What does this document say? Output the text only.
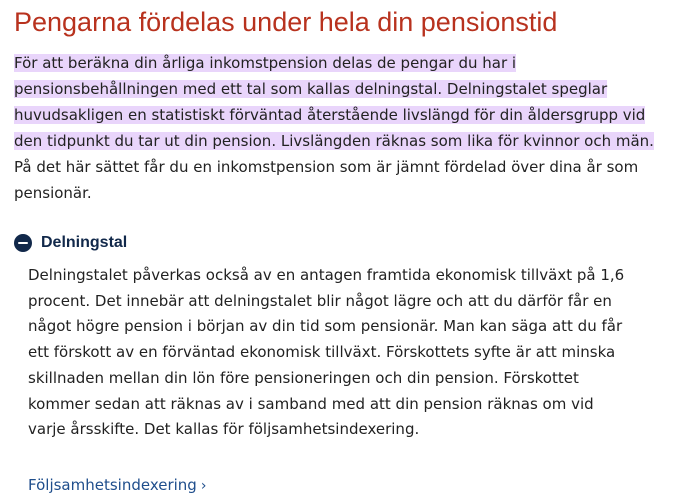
Pengarna fördelas under hela din pensionstid

För att beräkna din årliga inkomstpension delas de pengar du har i pensionsbehållningen med ett tal som kallas delningstal. Delningstalet speglar huvudsakligen en statistiskt förväntad återstående livslängd för din åldersgrupp vid den tidpunkt du tar ut din pension. Livslängden räknas som lika för kvinnor och män. På det här sättet får du en inkomstpension som är jämnt fördelad över dina år som pensionär.

Delningstal

Delningstalet påverkas också av en antagen framtida ekonomisk tillväxt på 1,6 procent. Det innebär att delningstalet blir något lägre och att du därför får en något högre pension i början av din tid som pensionär. Man kan säga att du får ett förskott av en förväntad ekonomisk tillväxt. Förskottets syfte är att minska skillnaden mellan din lön före pensioneringen och din pension. Förskottet kommer sedan att räknas av i samband med att din pension räknas om vid varje årsskifte. Det kallas för följsamhetsindexering.

Följsamhetsindexering ›
